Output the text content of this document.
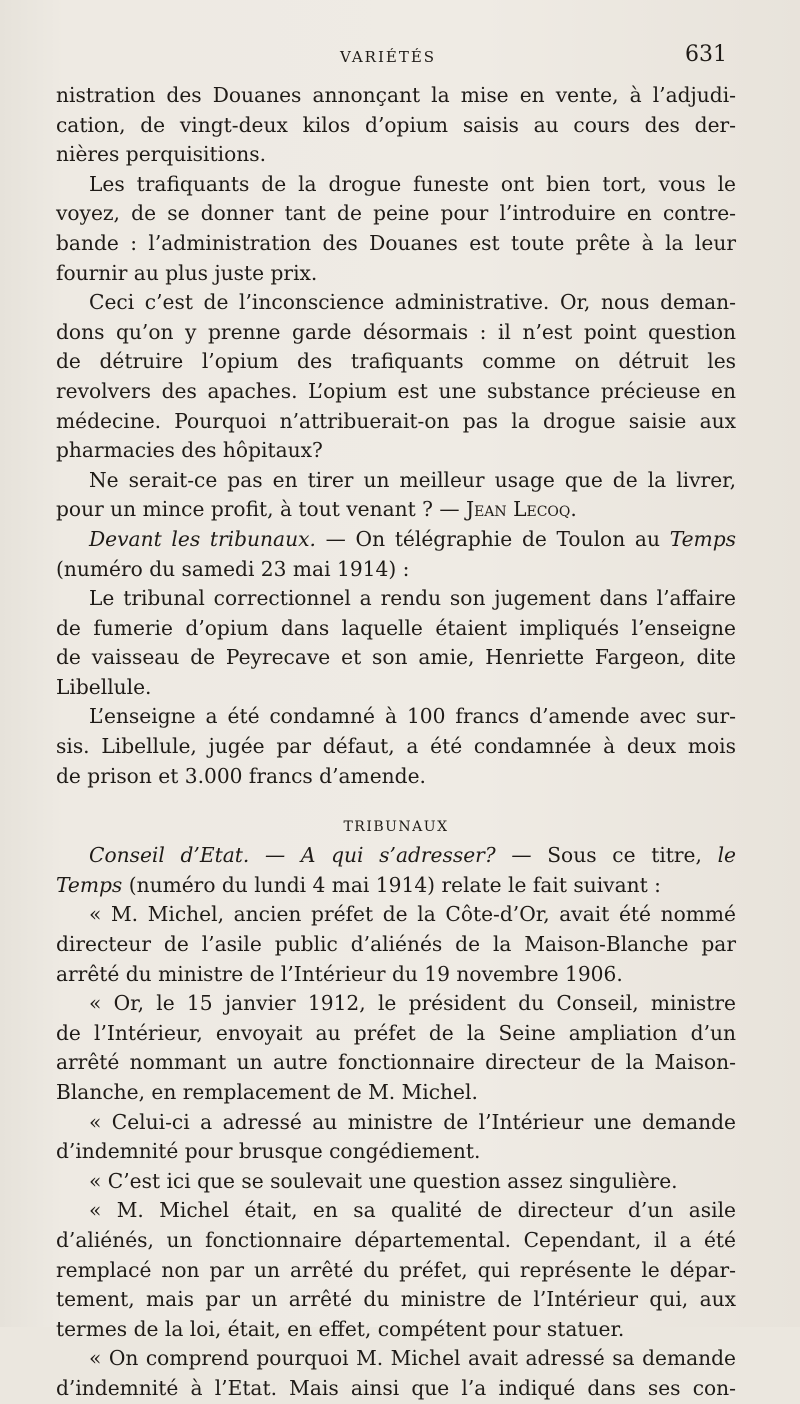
VARIÉTÉS	631
nistration des Douanes annonçant la mise en vente, à l’adjudi-
cation, de vingt-deux kilos d’opium saisis au cours des der-
nières perquisitions.
Les trafiquants de la drogue funeste ont bien tort, vous le
voyez, de se donner tant de peine pour l’introduire en contre-
bande : l’administration des Douanes est toute prête à la leur
fournir au plus juste prix.
Ceci c’est de l’inconscience administrative. Or, nous deman-
dons qu’on y prenne garde désormais : il n’est point question
de détruire l’opium des trafiquants comme on détruit les
revolvers des apaches. L’opium est une substance précieuse en
médecine. Pourquoi n’attribuerait-on pas la drogue saisie aux
pharmacies des hôpitaux?
Ne serait-ce pas en tirer un meilleur usage que de la livrer,
pour un mince profit, à tout venant ? — Jean Lecoq.
Devant les tribunaux. — On télégraphie de Toulon au Temps
(numéro du samedi 23 mai 1914) :
Le tribunal correctionnel a rendu son jugement dans l’affaire
de fumerie d’opium dans laquelle étaient impliqués l’enseigne
de vaisseau de Peyrecave et son amie, Henriette Fargeon, dite
Libellule.
L’enseigne a été condamné à 100 francs d’amende avec sur-
sis. Libellule, jugée par défaut, a été condamnée à deux mois
de prison et 3.000 francs d’amende.
TRIBUNAUX
Conseil d’Etat. — A qui s’adresser? — Sous ce titre, le
Temps (numéro du lundi 4 mai 1914) relate le fait suivant :
« M. Michel, ancien préfet de la Côte-d’Or, avait été nommé
directeur de l’asile public d’aliénés de la Maison-Blanche par
arrêté du ministre de l’Intérieur du 19 novembre 1906.
« Or, le 15 janvier 1912, le président du Conseil, ministre
de l’Intérieur, envoyait au préfet de la Seine ampliation d’un
arrêté nommant un autre fonctionnaire directeur de la Maison-
Blanche, en remplacement de M. Michel.
« Celui-ci a adressé au ministre de l’Intérieur une demande
d’indemnité pour brusque congédiement.
« C’est ici que se soulevait une question assez singulière.
« M. Michel était, en sa qualité de directeur d’un asile
d’aliénés, un fonctionnaire départemental. Cependant, il a été
remplacé non par un arrêté du préfet, qui représente le dépar-
tement, mais par un arrêté du ministre de l’Intérieur qui, aux
termes de la loi, était, en effet, compétent pour statuer.
« On comprend pourquoi M. Michel avait adressé sa demande
d’indemnité à l’Etat. Mais ainsi que l’a indiqué dans ses con-
